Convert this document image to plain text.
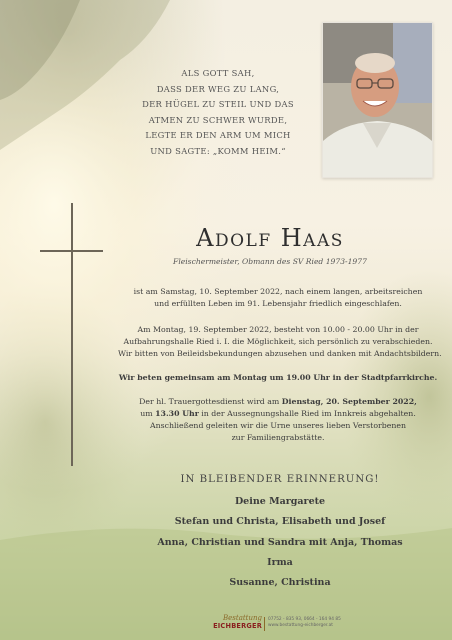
ALS GOTT SAH,
DASS DER WEG ZU LANG,
DER HÜGEL ZU STEIL UND DAS
ATMEN ZU SCHWER WURDE,
LEGTE ER DEN ARM UM MICH
UND SAGTE: „KOMM HEIM.“
Adolf Haas
Fleischermeister, Obmann des SV Ried 1973-1977
ist am Samstag, 10. September 2022, nach einem langen, arbeitsreichen
und erfüllten Leben im 91. Lebensjahr friedlich eingeschlafen.
Am Montag, 19. September 2022, besteht von 10.00 - 20.00 Uhr in der
Aufbahrungshalle Ried i. I. die Möglichkeit, sich persönlich zu verabschieden.
Wir bitten von Beileidsbekundungen abzusehen und danken mit Andachtsbildern.
Wir beten gemeinsam am Montag um 19.00 Uhr in der Stadtpfarrkirche.
Der hl. Trauergottesdienst wird am Dienstag, 20. September 2022,
um 13.30 Uhr in der Aussegnungshalle Ried im Innkreis abgehalten.
Anschließend geleiten wir die Urne unseres lieben Verstorbenen
zur Familiengrabstätte.
IN BLEIBENDER ERINNERUNG!
Deine Margarete
Stefan und Christa, Elisabeth und Josef
Anna, Christian und Sandra mit Anja, Thomas
Irma
Susanne, Christina
Bestattung
EICHBERGER
07752 - 835 93, 0664 - 164 94 85
www.bestattung-eichberger.at
